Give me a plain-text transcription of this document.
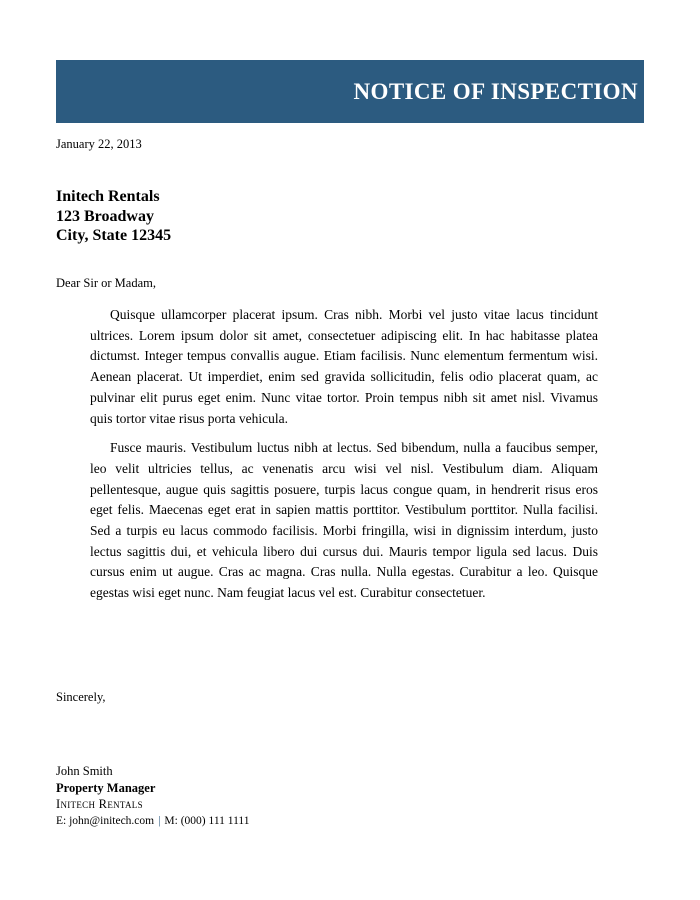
NOTICE OF INSPECTION
January 22, 2013
Initech Rentals
123 Broadway
City, State 12345
Dear Sir or Madam,

Quisque ullamcorper placerat ipsum. Cras nibh. Morbi vel justo vitae lacus tincidunt ultrices. Lorem ipsum dolor sit amet, consectetuer adipiscing elit. In hac habitasse platea dictumst. Integer tempus convallis augue. Etiam facilisis. Nunc elementum fermentum wisi. Aenean placerat. Ut imperdiet, enim sed gravida sollicitudin, felis odio placerat quam, ac pulvinar elit purus eget enim. Nunc vitae tortor. Proin tempus nibh sit amet nisl. Vivamus quis tortor vitae risus porta vehicula.

Fusce mauris. Vestibulum luctus nibh at lectus. Sed bibendum, nulla a faucibus semper, leo velit ultricies tellus, ac venenatis arcu wisi vel nisl. Vestibulum diam. Aliquam pellentesque, augue quis sagittis posuere, turpis lacus congue quam, in hendrerit risus eros eget felis. Maecenas eget erat in sapien mattis porttitor. Vestibulum porttitor. Nulla facilisi. Sed a turpis eu lacus commodo facilisis. Morbi fringilla, wisi in dignissim interdum, justo lectus sagittis dui, et vehicula libero dui cursus dui. Mauris tempor ligula sed lacus. Duis cursus enim ut augue. Cras ac magna. Cras nulla. Nulla egestas. Curabitur a leo. Quisque egestas wisi eget nunc. Nam feugiat lacus vel est. Curabitur consectetuer.

Sincerely,
John Smith
Property Manager
Initech Rentals
E: john@initech.com | M: (000) 111 1111
